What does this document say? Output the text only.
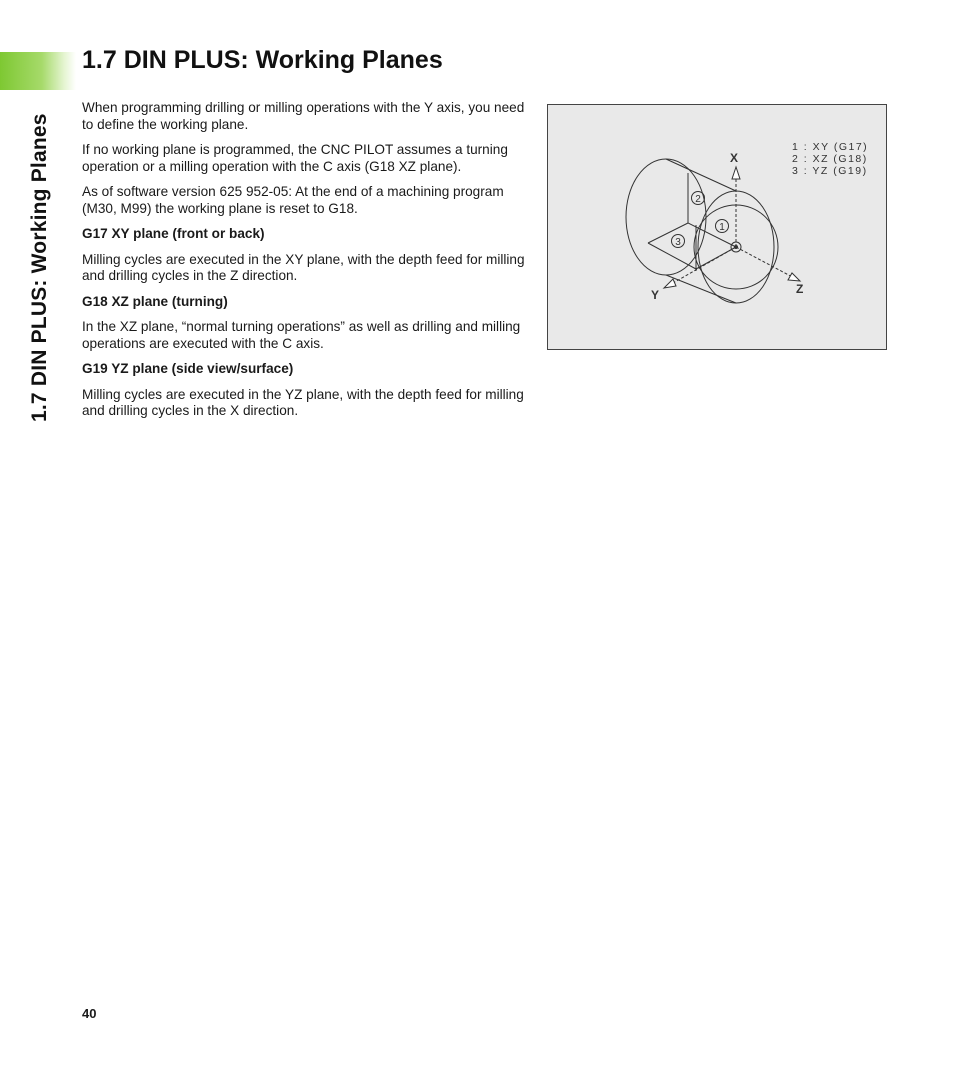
1.7 DIN PLUS: Working Planes
1.7 DIN PLUS: Working Planes

When programming drilling or milling operations with the Y axis, you need to define the working plane.

If no working plane is programmed, the CNC PILOT assumes a turning operation or a milling operation with the C axis (G18 XZ plane).

As of software version 625 952-05: At the end of a machining program (M30, M99) the working plane is reset to G18.

G17 XY plane (front or back)

Milling cycles are executed in the XY plane, with the depth feed for milling and drilling cycles in the Z direction.

G18 XZ plane (turning)

In the XZ plane, “normal turning operations” as well as drilling and milling operations are executed with the C axis.

G19 YZ plane (side view/surface)

Milling cycles are executed in the YZ plane, with the depth feed for milling and drilling cycles in the X direction.

2
1
3
X
Y	Z
1 : XY (G17)
2 : XZ (G18)
3 : YZ (G19)
40
